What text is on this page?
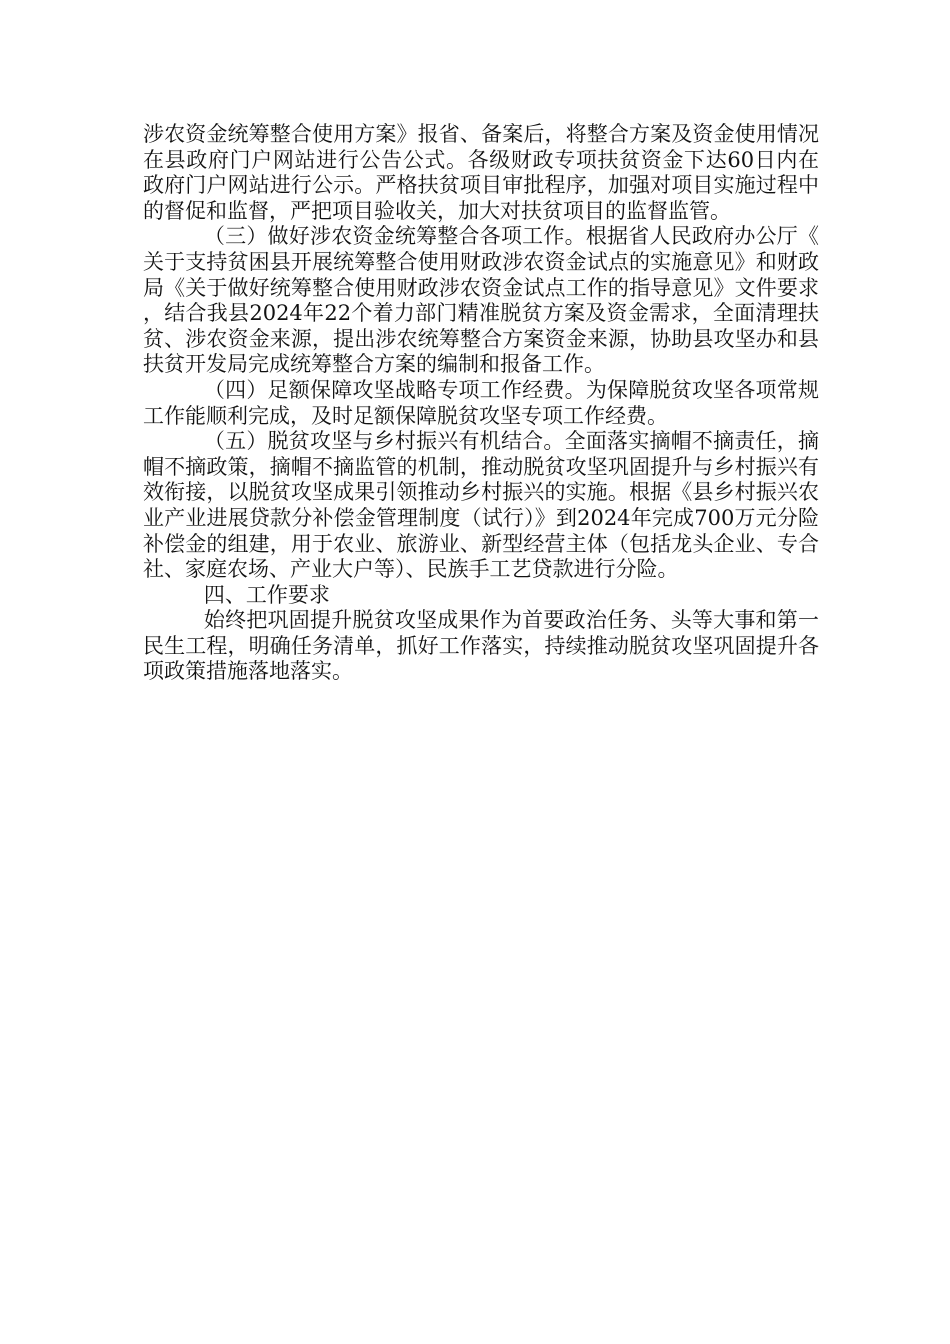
涉农资金统筹整合使用方案》报省、备案后，将整合方案及资金使用情况在县政府门户网站进行公告公式。各级财政专项扶贫资金下达60日内在政府门户网站进行公示。严格扶贫项目审批程序，加强对项目实施过程中的督促和监督，严把项目验收关，加大对扶贫项目的监督监管。

（三）做好涉农资金统筹整合各项工作。根据省人民政府办公厅《关于支持贫困县开展统筹整合使用财政涉农资金试点的实施意见》和财政局《关于做好统筹整合使用财政涉农资金试点工作的指导意见》文件要求，结合我县2024年22个着力部门精准脱贫方案及资金需求，全面清理扶贫、涉农资金来源，提出涉农统筹整合方案资金来源，协助县攻坚办和县扶贫开发局完成统筹整合方案的编制和报备工作。

（四）足额保障攻坚战略专项工作经费。为保障脱贫攻坚各项常规工作能顺利完成，及时足额保障脱贫攻坚专项工作经费。

（五）脱贫攻坚与乡村振兴有机结合。全面落实摘帽不摘责任，摘帽不摘政策，摘帽不摘监管的机制，推动脱贫攻坚巩固提升与乡村振兴有效衔接，以脱贫攻坚成果引领推动乡村振兴的实施。根据《县乡村振兴农业产业进展贷款分补偿金管理制度（试行）》到2024年完成700万元分险补偿金的组建，用于农业、旅游业、新型经营主体（包括龙头企业、专合社、家庭农场、产业大户等）、民族手工艺贷款进行分险。

四、工作要求

始终把巩固提升脱贫攻坚成果作为首要政治任务、头等大事和第一民生工程，明确任务清单，抓好工作落实，持续推动脱贫攻坚巩固提升各项政策措施落地落实。
